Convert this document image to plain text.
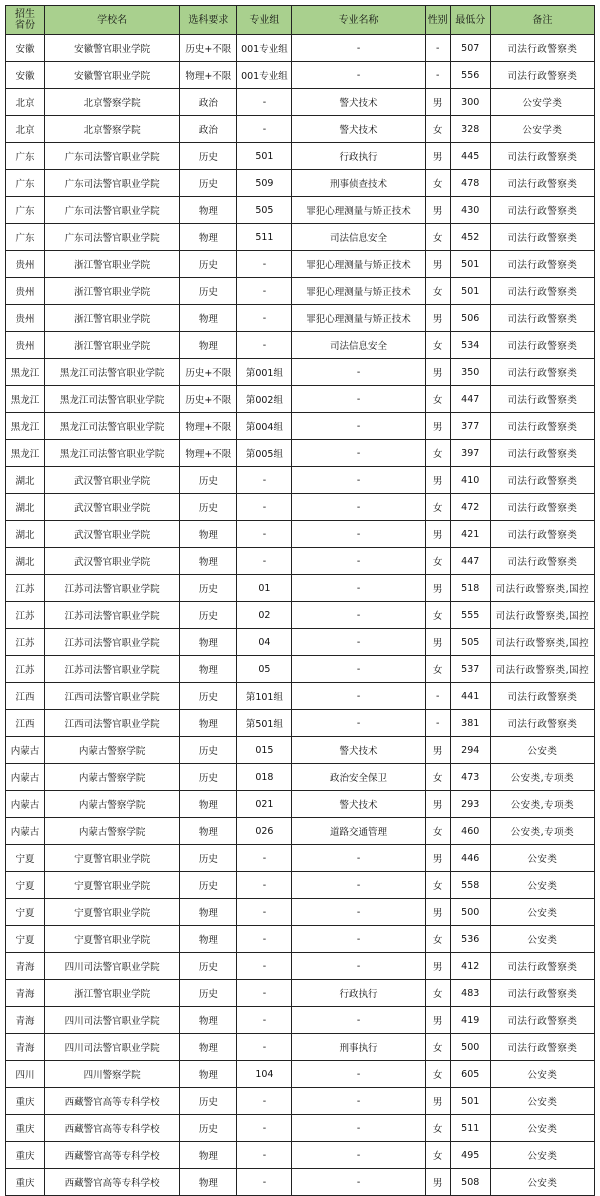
招生
省份	学校名	选科要求	专业组	专业名称	性别	最低分	备注
安徽	安徽警官职业学院	历史+不限	001专业组	-	-	507	司法行政警察类
安徽	安徽警官职业学院	物理+不限	001专业组	-	-	556	司法行政警察类
北京	北京警察学院	政治	-	警犬技术	男	300	公安学类
北京	北京警察学院	政治	-	警犬技术	女	328	公安学类
广东	广东司法警官职业学院	历史	501	行政执行	男	445	司法行政警察类
广东	广东司法警官职业学院	历史	509	刑事侦查技术	女	478	司法行政警察类
广东	广东司法警官职业学院	物理	505	罪犯心理测量与矫正技术	男	430	司法行政警察类
广东	广东司法警官职业学院	物理	511	司法信息安全	女	452	司法行政警察类
贵州	浙江警官职业学院	历史	-	罪犯心理测量与矫正技术	男	501	司法行政警察类
贵州	浙江警官职业学院	历史	-	罪犯心理测量与矫正技术	女	501	司法行政警察类
贵州	浙江警官职业学院	物理	-	罪犯心理测量与矫正技术	男	506	司法行政警察类
贵州	浙江警官职业学院	物理	-	司法信息安全	女	534	司法行政警察类
黑龙江	黑龙江司法警官职业学院	历史+不限	第001组	-	男	350	司法行政警察类
黑龙江	黑龙江司法警官职业学院	历史+不限	第002组	-	女	447	司法行政警察类
黑龙江	黑龙江司法警官职业学院	物理+不限	第004组	-	男	377	司法行政警察类
黑龙江	黑龙江司法警官职业学院	物理+不限	第005组	-	女	397	司法行政警察类
湖北	武汉警官职业学院	历史	-	-	男	410	司法行政警察类
湖北	武汉警官职业学院	历史	-	-	女	472	司法行政警察类
湖北	武汉警官职业学院	物理	-	-	男	421	司法行政警察类
湖北	武汉警官职业学院	物理	-	-	女	447	司法行政警察类
江苏	江苏司法警官职业学院	历史	01	-	男	518	司法行政警察类,国控
江苏	江苏司法警官职业学院	历史	02	-	女	555	司法行政警察类,国控
江苏	江苏司法警官职业学院	物理	04	-	男	505	司法行政警察类,国控
江苏	江苏司法警官职业学院	物理	05	-	女	537	司法行政警察类,国控
江西	江西司法警官职业学院	历史	第101组	-	-	441	司法行政警察类
江西	江西司法警官职业学院	物理	第501组	-	-	381	司法行政警察类
内蒙古	内蒙古警察学院	历史	015	警犬技术	男	294	公安类
内蒙古	内蒙古警察学院	历史	018	政治安全保卫	女	473	公安类,专项类
内蒙古	内蒙古警察学院	物理	021	警犬技术	男	293	公安类,专项类
内蒙古	内蒙古警察学院	物理	026	道路交通管理	女	460	公安类,专项类
宁夏	宁夏警官职业学院	历史	-	-	男	446	公安类
宁夏	宁夏警官职业学院	历史	-	-	女	558	公安类
宁夏	宁夏警官职业学院	物理	-	-	男	500	公安类
宁夏	宁夏警官职业学院	物理	-	-	女	536	公安类
青海	四川司法警官职业学院	历史	-	-	男	412	司法行政警察类
青海	浙江警官职业学院	历史	-	行政执行	女	483	司法行政警察类
青海	四川司法警官职业学院	物理	-	-	男	419	司法行政警察类
青海	四川司法警官职业学院	物理	-	刑事执行	女	500	司法行政警察类
四川	四川警察学院	物理	104	-	女	605	公安类
重庆	西藏警官高等专科学校	历史	-	-	男	501	公安类
重庆	西藏警官高等专科学校	历史	-	-	女	511	公安类
重庆	西藏警官高等专科学校	物理	-	-	女	495	公安类
重庆	西藏警官高等专科学校	物理	-	-	男	508	公安类
